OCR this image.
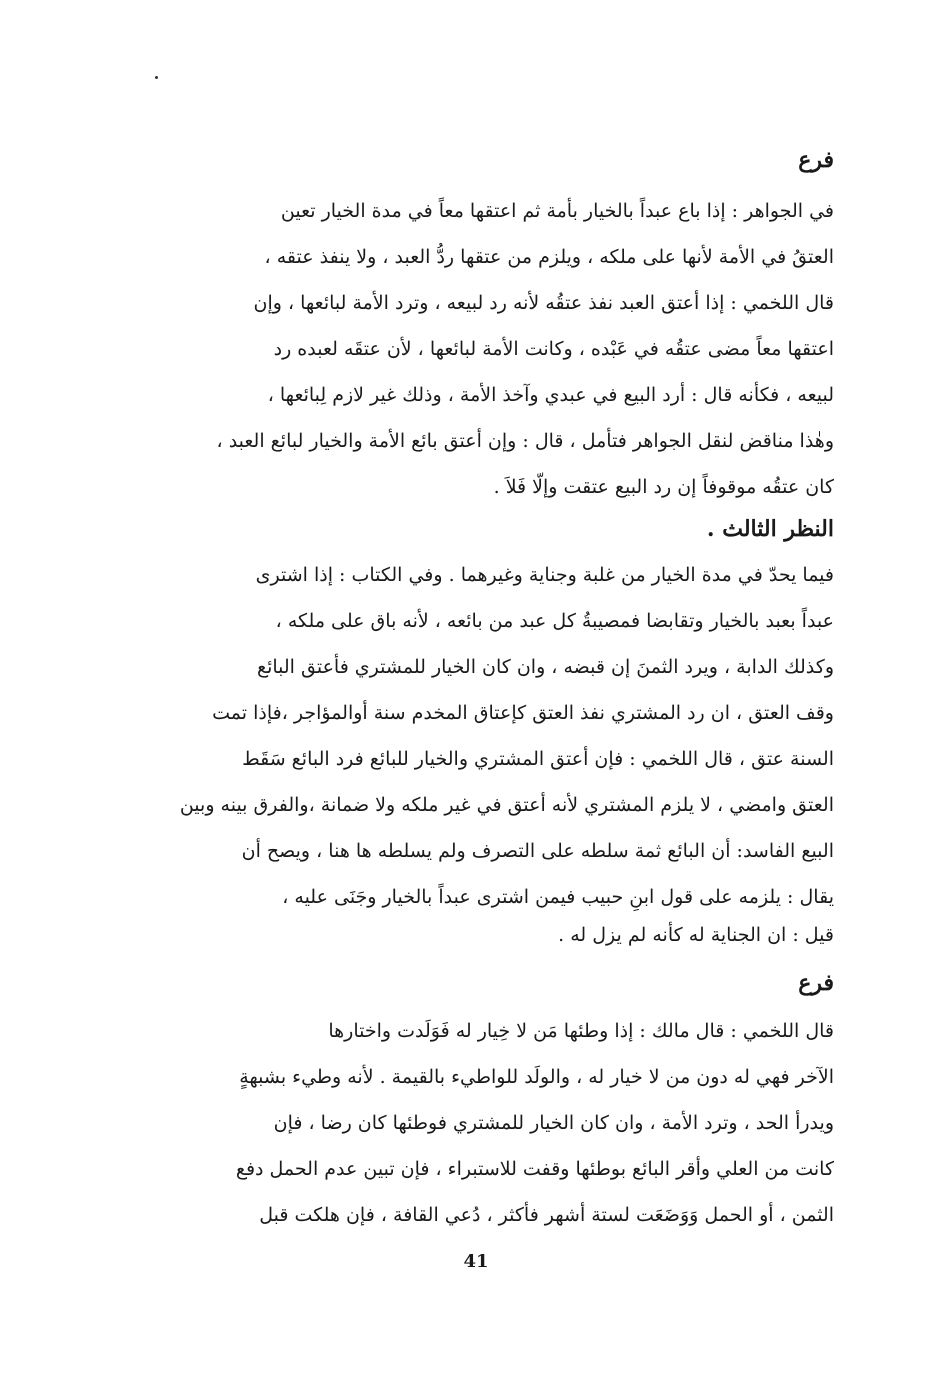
فرع
في الجواهر : إذا باع عبداً بالخيار بأمة ثم اعتقها معاً في مدة الخيار تعين
العتقُ في الأمة لأنها على ملكه ، ويلزم من عتقها ردُّ العبد ، ولا ينفذ عتقه ،
قال اللخمي : إذا أعتق العبد نفذ عتقُه لأنه رد لبيعه ، وترد الأمة لبائعها ، وإن
اعتقها معاً مضى عتقُه في عَبْده ، وكانت الأمة لبائعها ، لأن عتقَه لعبده رد
لبيعه ، فكأنه قال : أرد البيع في عبدي وآخذ الأمة ، وذلك غير لازم لِبائعها ،
وهٰذا مناقض لنقل الجواهر فتأمل ، قال : وإن أعتق بائع الأمة والخيار لبائع العبد ،
كان عتقُه موقوفاً إن رد البيع عتقت وإلّا فَلاَ .
النظر الثالث .
فيما يحدّ في مدة الخيار من غلبة وجناية وغيرهما . وفي الكتاب : إذا اشترى
عبداً بعبد بالخيار وتقابضا فمصيبةُ كل عبد من بائعه ، لأنه باق على ملكه ،
وكذلك الدابة ، ويرد الثمنَ إن قبضه ، وان كان الخيار للمشتري فأعتق البائع
وقف العتق ، ان رد المشتري نفذ العتق كإعتاق المخدم سنة أوالمؤاجر ،فإذا تمت
السنة عتق ، قال اللخمي : فإن أعتق المشتري والخيار للبائع فرد البائع سَقَط
العتق وامضي ، لا يلزم المشتري لأنه أعتق في غير ملكه ولا ضمانة ،والفرق بينه وبين
البيع الفاسد: أن البائع ثمة سلطه على التصرف ولم يسلطه ها هنا ، ويصح أن
يقال : يلزمه على قول ابنِ حبيب فيمن اشترى عبداً بالخيار وجَنَى عليه ،
قيل : ان الجناية له كأنه لم يزل له .
فرع
قال اللخمي : قال مالك : إذا وطئها مَن لا خِيار له فَوَلَدت واختارها
الآخر فهي له دون من لا خيار له ، والولَد للواطيء بالقيمة . لأنه وطيء بشبهةٍ
ويدرأ الحد ، وترد الأمة ، وان كان الخيار للمشتري فوطئها كان رضا ، فإن
كانت من العلي وأقر البائع بوطئها وقفت للاستبراء ، فإن تبين عدم الحمل دفع
الثمن ، أو الحمل وَوَضَعَت لستة أشهر فأكثر ، دُعي القافة ، فإن هلكت قبل
41
